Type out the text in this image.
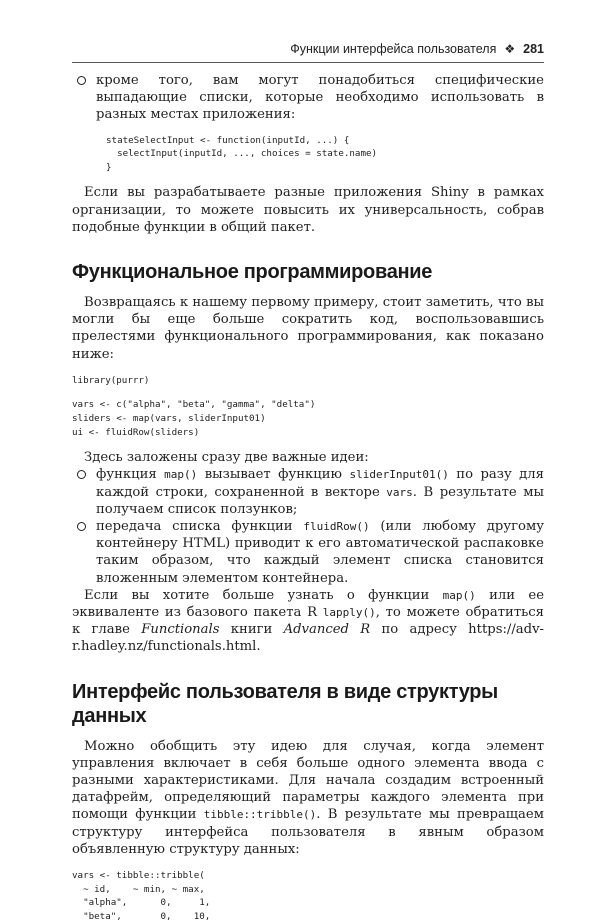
Функции интерфейса пользователя ❖ 281

кроме того, вам могут понадобиться специфические выпадающие списки, которые необходимо использовать в разных местах приложения:

stateSelectInput <- function(inputId, ...) {
selectInput(inputId, ..., choices = state.name)
}

Если вы разрабатываете разные приложения Shiny в рамках организации, то можете повысить их универсальность, собрав подобные функции в общий пакет.

Функциональное программирование

Возвращаясь к нашему первому примеру, стоит заметить, что вы могли бы еще больше сократить код, воспользовавшись прелестями функционального программирования, как показано ниже:

library(purrr)
vars <- c("alpha", "beta", "gamma", "delta")
sliders <- map(vars, sliderInput01)
ui <- fluidRow(sliders)

Здесь заложены сразу две важные идеи:

функция map() вызывает функцию sliderInput01() по разу для каждой строки, сохраненной в векторе vars. В результате мы получаем список ползунков;

передача списка функции fluidRow() (или любому другому контейнеру HTML) приводит к его автоматической распаковке таким образом, что каждый элемент списка становится вложенным элементом контейнера.

Если вы хотите больше узнать о функции map() или ее эквиваленте из базового пакета R lapply(), то можете обратиться к главе Functionals книги Advanced R по адресу https://adv-r.hadley.nz/functionals.html.

Интерфейс пользователя в виде структуры данных

Можно обобщить эту идею для случая, когда элемент управления включает в себя больше одного элемента ввода с разными характеристиками. Для начала создадим встроенный датафрейм, определяющий параметры каждого элемента при помощи функции tibble::tribble(). В результате мы превращаем структуру интерфейса пользователя в явным образом объявленную структуру данных:

vars <- tibble::tribble(
~ id,    ~ min, ~ max,
"alpha",      0,     1,
"beta",       0,    10,
